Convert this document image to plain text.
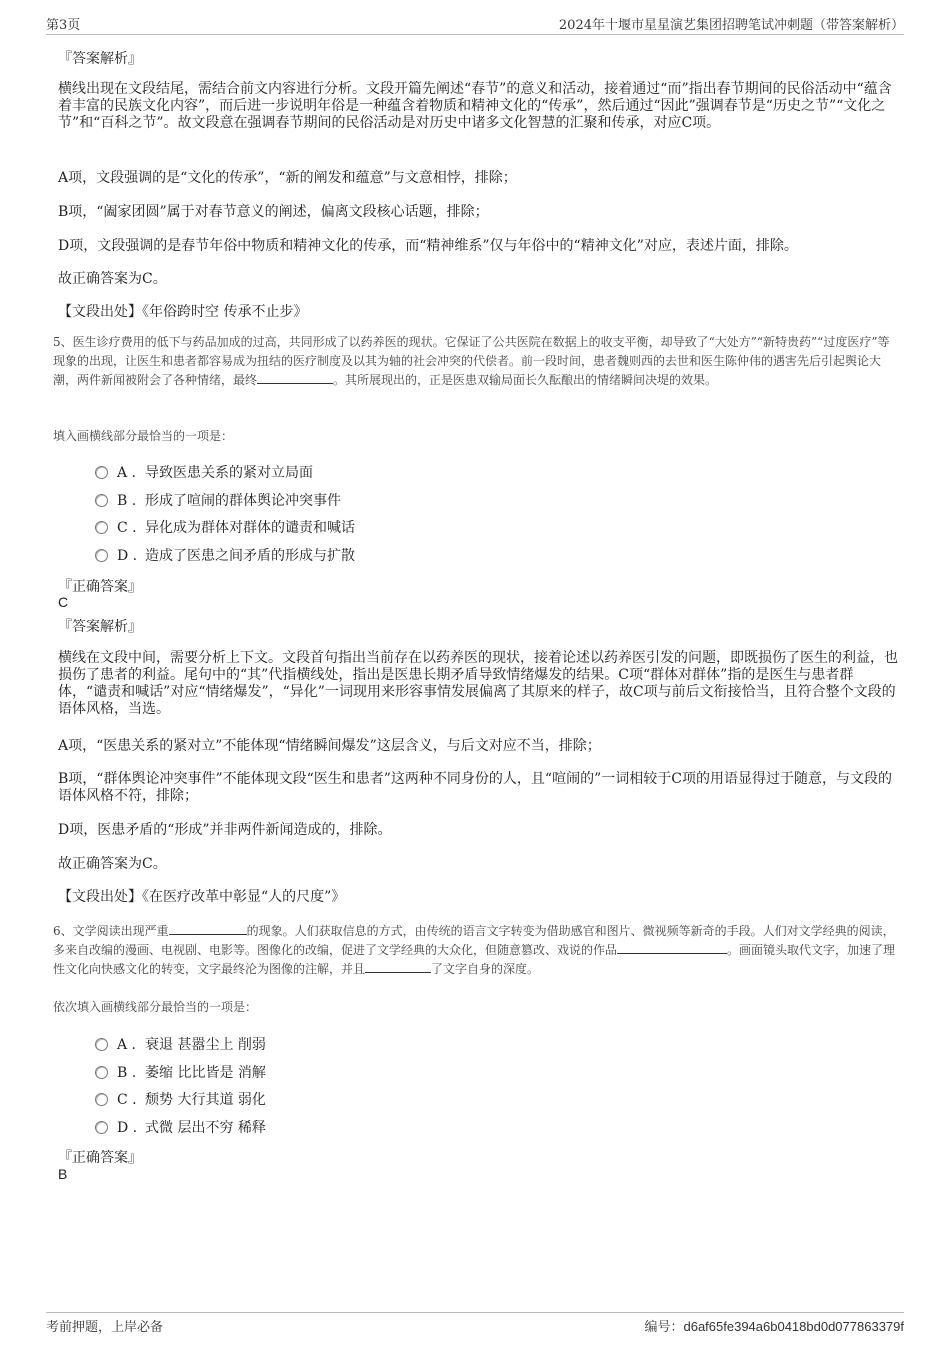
第3页	2024年十堰市星星演艺集团招聘笔试冲刺题（带答案解析）
『答案解析』
横线出现在文段结尾，需结合前文内容进行分析。文段开篇先阐述“春节”的意义和活动，接着通过“而”指出春节期间的民俗活动中“蕴含着丰富的民族文化内容”，而后进一步说明年俗是一种蕴含着物质和精神文化的“传承”，然后通过“因此”强调春节是“历史之节”“文化之节”和“百科之节”。故文段意在强调春节期间的民俗活动是对历史中诸多文化智慧的汇聚和传承，对应C项。
A项，文段强调的是“文化的传承”，“新的阐发和蕴意”与文意相悖，排除；
B项，“阖家团圆”属于对春节意义的阐述，偏离文段核心话题，排除；
D项，文段强调的是春节年俗中物质和精神文化的传承，而“精神维系”仅与年俗中的“精神文化”对应，表述片面，排除。
故正确答案为C。
【文段出处】《年俗跨时空 传承不止步》
5、医生诊疗费用的低下与药品加成的过高，共同形成了以药养医的现状。它保证了公共医院在数据上的收支平衡，却导致了“大处方”“新特贵药”“过度医疗”等现象的出现，让医生和患者都容易成为扭结的医疗制度及以其为轴的社会冲突的代偿者。前一段时间，患者魏则西的去世和医生陈仲伟的遇害先后引起舆论大潮，两件新闻被附会了各种情绪，最终	。其所展现出的，正是医患双输局面长久酝酿出的情绪瞬间决堤的效果。
填入画横线部分最恰当的一项是：
A . 导致医患关系的紧对立局面
B . 形成了喧闹的群体舆论冲突事件
C . 异化成为群体对群体的谴责和喊话
D . 造成了医患之间矛盾的形成与扩散
『正确答案』
C
『答案解析』
横线在文段中间，需要分析上下文。文段首句指出当前存在以药养医的现状，接着论述以药养医引发的问题，即既损伤了医生的利益，也损伤了患者的利益。尾句中的“其”代指横线处，指出是医患长期矛盾导致情绪爆发的结果。C项“群体对群体”指的是医生与患者群体，“谴责和喊话”对应“情绪爆发”，“异化”一词现用来形容事情发展偏离了其原来的样子，故C项与前后文衔接恰当，且符合整个文段的语体风格，当选。
A项，“医患关系的紧对立”不能体现“情绪瞬间爆发”这层含义，与后文对应不当，排除；
B项，“群体舆论冲突事件”不能体现文段“医生和患者”这两种不同身份的人，且“喧闹的”一词相较于C项的用语显得过于随意，与文段的语体风格不符，排除；
D项，医患矛盾的“形成”并非两件新闻造成的，排除。
故正确答案为C。
【文段出处】《在医疗改革中彰显“人的尺度”》
6、文学阅读出现严重	的现象。人们获取信息的方式，由传统的语言文字转变为借助感官和图片、微视频等新奇的手段。人们对文学经典的阅读，多来自改编的漫画、电视剧、电影等。图像化的改编，促进了文学经典的大众化，但随意篡改、戏说的作品	。画面镜头取代文字，加速了理性文化向快感文化的转变，文字最终沦为图像的注解，并且	了文字自身的深度。
依次填入画横线部分最恰当的一项是：
A . 衰退 甚嚣尘上 削弱
B . 萎缩 比比皆是 消解
C . 颓势 大行其道 弱化
D . 式微 层出不穷 稀释
『正确答案』
B
考前押题，上岸必备	编号：d6af65fe394a6b0418bd0d077863379f
